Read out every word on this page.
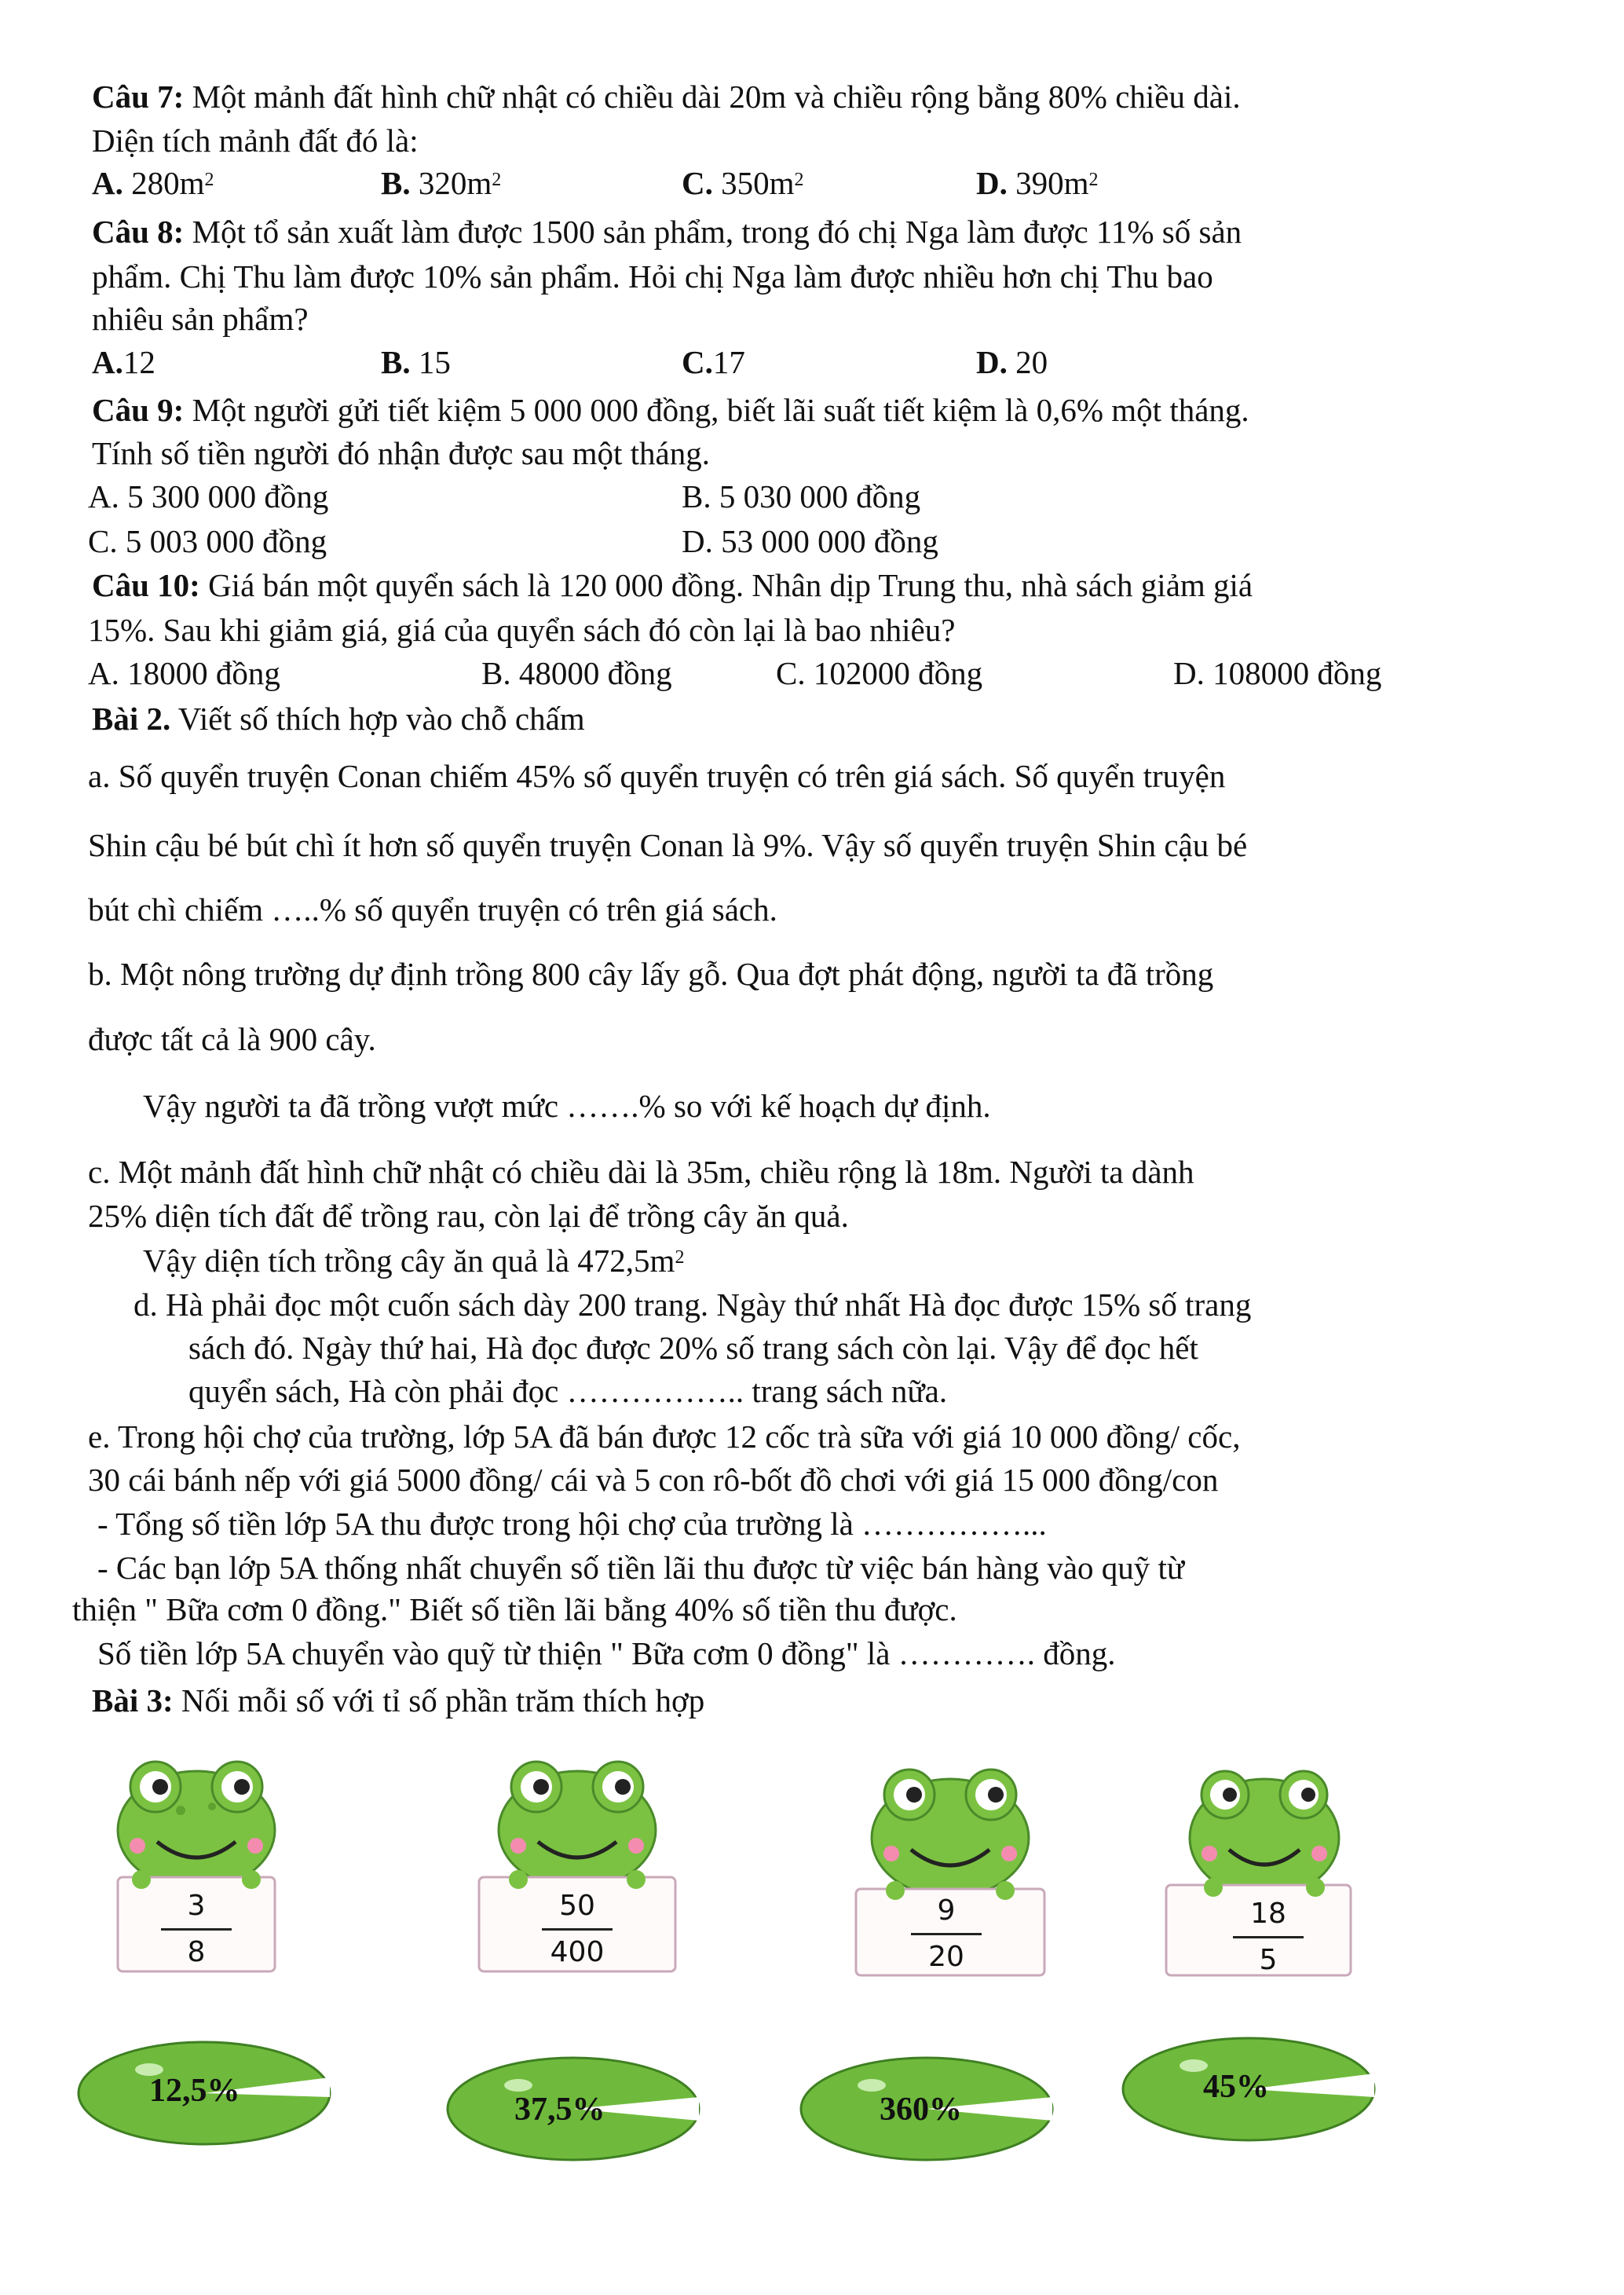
Câu 7: Một mảnh đất hình chữ nhật có chiều dài 20m và chiều rộng bằng 80% chiều dài.
Diện tích mảnh đất đó là:
A. $280m^2$	B. $320m^2$	C. $350m^2$	D. $390m^2$
Câu 8: Một tổ sản xuất làm được 1500 sản phẩm, trong đó chị Nga làm được 11% số sản
phẩm. Chị Thu làm được 10% sản phẩm. Hỏi chị Nga làm được nhiều hơn chị Thu bao
nhiêu sản phẩm?
A.12	B. 15	C.17	D. 20
Câu 9: Một người gửi tiết kiệm 5 000 000 đồng, biết lãi suất tiết kiệm là 0,6% một tháng.
Tính số tiền người đó nhận được sau một tháng.
A. 5 300 000 đồng	B. 5 030 000 đồng
C. 5 003 000 đồng	D. 53 000 000 đồng
Câu 10: Giá bán một quyển sách là 120 000 đồng. Nhân dịp Trung thu, nhà sách giảm giá
15%. Sau khi giảm giá, giá của quyển sách đó còn lại là bao nhiêu?
A. 18000 đồng	B. 48000 đồng	C. 102000 đồng	D. 108000 đồng
Bài 2. Viết số thích hợp vào chỗ chấm
a. Số quyển truyện Conan chiếm 45% số quyển truyện có trên giá sách. Số quyển truyện
Shin cậu bé bút chì ít hơn số quyển truyện Conan là 9%. Vậy số quyển truyện Shin cậu bé
bút chì chiếm …..% số quyển truyện có trên giá sách.
b. Một nông trường dự định trồng 800 cây lấy gỗ. Qua đợt phát động, người ta đã trồng
được tất cả là 900 cây.
Vậy người ta đã trồng vượt mức …….% so với kế hoạch dự định.
c. Một mảnh đất hình chữ nhật có chiều dài là 35m, chiều rộng là 18m. Người ta dành
25% diện tích đất để trồng rau, còn lại để trồng cây ăn quả.
Vậy diện tích trồng cây ăn quả là $472,5m^2$
d. Hà phải đọc một cuốn sách dày 200 trang. Ngày thứ nhất Hà đọc được 15% số trang
sách đó. Ngày thứ hai, Hà đọc được 20% số trang sách còn lại. Vậy để đọc hết
quyển sách, Hà còn phải đọc …………….. trang sách nữa.
e. Trong hội chợ của trường, lớp 5A đã bán được 12 cốc trà sữa với giá 10 000 đồng/ cốc,
30 cái bánh nếp với giá 5000 đồng/ cái và 5 con rô-bốt đồ chơi với giá 15 000 đồng/con
- Tổng số tiền lớp 5A thu được trong hội chợ của trường là ……………...
- Các bạn lớp 5A thống nhất chuyển số tiền lãi thu được từ việc bán hàng vào quỹ từ
thiện " Bữa cơm 0 đồng." Biết số tiền lãi bằng 40% số tiền thu được.
Số tiền lớp 5A chuyển vào quỹ từ thiện " Bữa cơm 0 đồng" là …………. đồng.
Bài 3: Nối mỗi số với tỉ số phần trăm thích hợp
3
8
50
400
9
20
18
5
12,5%
37,5%	360%
45%
